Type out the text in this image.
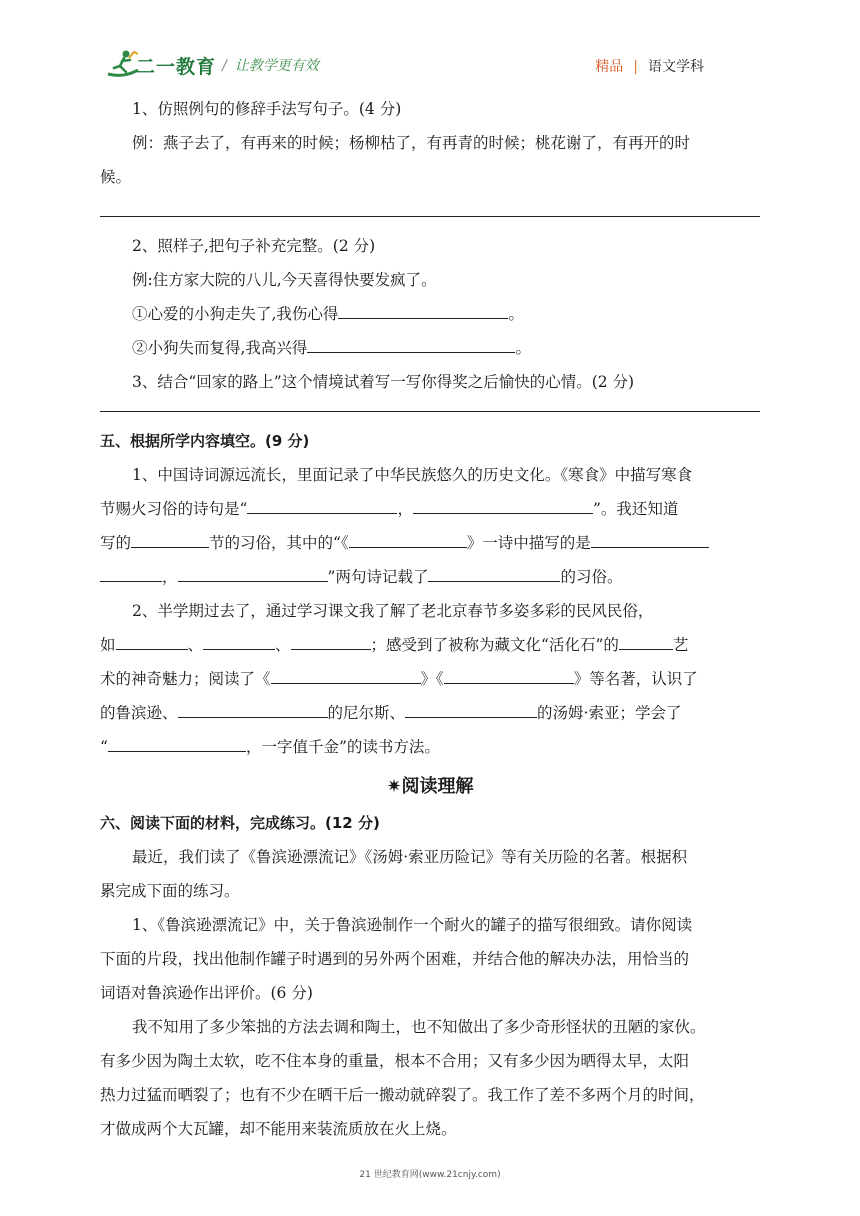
二一教育 / 让教学更有效	精品 | 语文学科

1、仿照例句的修辞手法写句子。(4 分)

例：燕子去了，有再来的时候；杨柳枯了，有再青的时候；桃花谢了，有再开的时

候。

2、照样子,把句子补充完整。(2 分)

例:住方家大院的八儿,今天喜得快要发疯了。

①心爱的小狗走失了,我伤心得	。

②小狗失而复得,我高兴得	。

3、结合“回家的路上”这个情境试着写一写你得奖之后愉快的心情。(2 分)

五、根据所学内容填空。(9 分)

1、中国诗词源远流长，里面记录了中华民族悠久的历史文化。《寒食》中描写寒食

节赐火习俗的诗句是“	，	”。我还知道

写的	节的习俗，其中的“《	》一诗中描写的是

，	”两句诗记载了	的习俗。

2、半学期过去了，通过学习课文我了解了老北京春节多姿多彩的民风民俗，

如	、	、	；感受到了被称为藏文化“活化石”的	艺

术的神奇魅力；阅读了《	》《	》等名著，认识了

的鲁滨逊、	的尼尔斯、	的汤姆·索亚；学会了

“	，一字值千金”的读书方法。

✷阅读理解

六、阅读下面的材料，完成练习。(12 分)

最近，我们读了《鲁滨逊漂流记》《汤姆·索亚历险记》等有关历险的名著。根据积

累完成下面的练习。

1、《鲁滨逊漂流记》中，关于鲁滨逊制作一个耐火的罐子的描写很细致。请你阅读

下面的片段，找出他制作罐子时遇到的另外两个困难，并结合他的解决办法，用恰当的

词语对鲁滨逊作出评价。(6 分)

我不知用了多少笨拙的方法去调和陶土，也不知做出了多少奇形怪状的丑陋的家伙。

有多少因为陶土太软，吃不住本身的重量，根本不合用；又有多少因为晒得太早，太阳

热力过猛而晒裂了；也有不少在晒干后一搬动就碎裂了。我工作了差不多两个月的时间，

才做成两个大瓦罐，却不能用来装流质放在火上烧。

21 世纪教育网(www.21cnjy.com)
